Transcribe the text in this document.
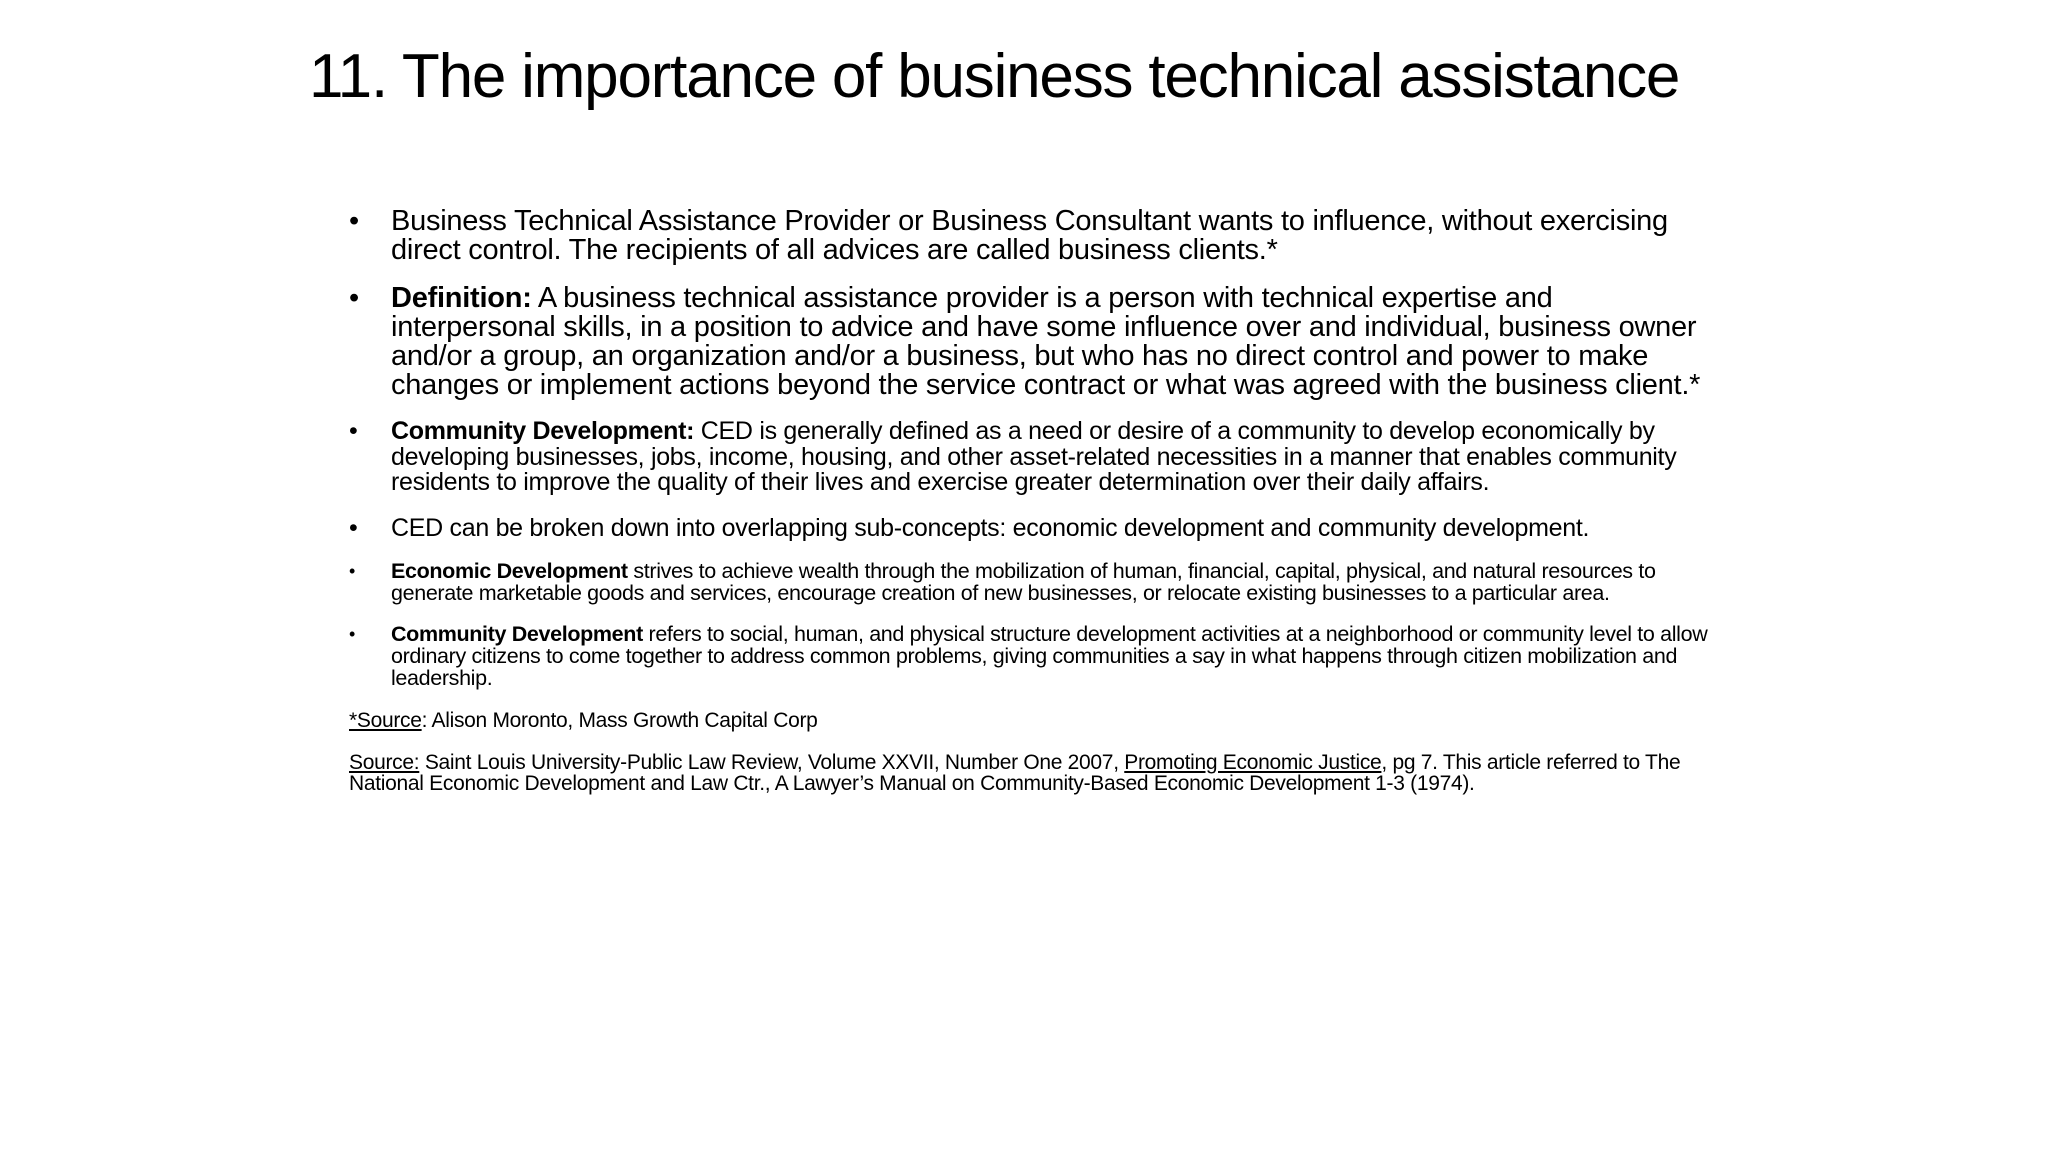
11. The importance of business technical assistance
• Business Technical Assistance Provider or Business Consultant wants to influence, without exercising direct control. The recipients of all advices are called business clients.*
• Definition: A business technical assistance provider is a person with technical expertise and interpersonal skills, in a position to advice and have some influence over and individual, business owner and/or a group, an organization and/or a business, but who has no direct control and power to make changes or implement actions beyond the service contract or what was agreed with the business client.*
• Community Development: CED is generally defined as a need or desire of a community to develop economically by developing businesses, jobs, income, housing, and other asset-related necessities in a manner that enables community residents to improve the quality of their lives and exercise greater determination over their daily affairs.
• CED can be broken down into overlapping sub-concepts: economic development and community development.
• Economic Development strives to achieve wealth through the mobilization of human, financial, capital, physical, and natural resources to generate marketable goods and services, encourage creation of new businesses, or relocate existing businesses to a particular area.
• Community Development refers to social, human, and physical structure development activities at a neighborhood or community level to allow ordinary citizens to come together to address common problems, giving communities a say in what happens through citizen mobilization and leadership.

*Source: Alison Moronto, Mass Growth Capital Corp

Source: Saint Louis University-Public Law Review, Volume XXVII, Number One 2007, Promoting Economic Justice, pg 7. This article referred to The National Economic Development and Law Ctr., A Lawyer’s Manual on Community-Based Economic Development 1-3 (1974).
